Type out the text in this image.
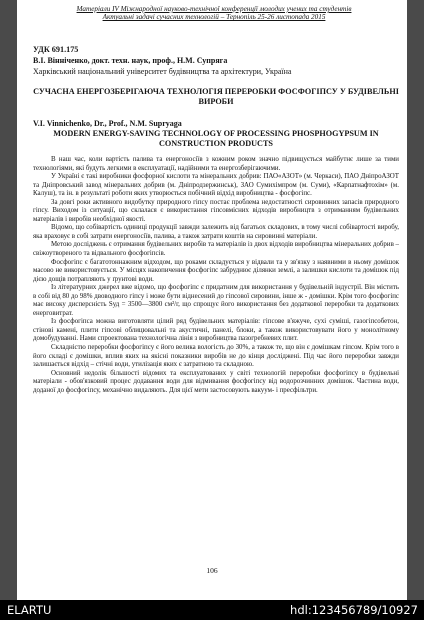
Матеріали IV Міжнародної науково-технічної конференції молодих учених та студентів
Актуальні задачі сучасних технологій – Тернопіль 25-26 листопада 2015
УДК 691.175
В.І. Вінніченко, докт. техн. наук, проф., Н.М. Супряга
Харківський національний університет будівництва та архітектури, Україна
СУЧАСНА ЕНЕРГОЗБЕРІГАЮЧА ТЕХНОЛОГІЯ ПЕРЕРОБКИ ФОСФОГІПСУ У БУДІВЕЛЬНІ ВИРОБИ
V.I. Vinnichenko, Dr., Prof., N.M. Supryaga
MODERN ENERGY-SAVING TECHNOLOGY OF PROCESSING PHOSPHOGYPSUM IN CONSTRUCTION PRODUCTS

В наш час, коли вартість палива та енергоносіїв з кожним роком значно підвищується майбутнє лише за тими технологіями, які будуть легкими в експлуатації, надійними та енергозберігаючими.

У Україні є такі виробники фосфорної кислоти та мінеральних добрив: ПАО«АЗОТ» (м. Черкаси), ПАО ДніпроАЗОТ та Дніпровський завод мінеральних добрив (м. Дніпродзержинськ), ЗАО Сумихімпром (м. Суми), «Карпатнафтохім» (м. Калуш), та ін. в результаті роботи яких утворюється побічний відхід виробництва - фосфогіпс.

За довгі роки активного видобутку природного гіпсу постає проблема недостатності сировинних запасів природного гіпсу. Виходом із ситуації, що склалася є використання гіпсовмісних відходів виробництв з отриманням будівельних матеріалів і виробів необхідної якості.

Відомо, що собівартість одиниці продукції завжди залежить від багатьох складових, в тому числі собівартості виробу, яка враховує в собі затрати енергоносіїв, палива, а також затрати коштів на сировинні матеріали.

Метою досліджень є отримання будівельних виробів та матеріалів із двох відходів виробництва мінеральних добрив – свіжоутвореного та відвального фосфогіпсів.

Фосфогіпс є багатотоннажним відходом, що роками складується у відвали та у зв'язку з наявними в ньому домішок масово не використовується. У місцях накопичення фосфогіпс забруднює ділянки землі, а залишки кислоти та домішок під дією дощів потрапляють у ґрунтові води.

Із літературних джерел вже відомо, що фосфогіпс є придатним для використання у будівельній індустрії. Він містить в собі від 80 до 98% двоводного гіпсу і може бути віднесений до гіпсової сировини, інше ж - домішки. Крім того фосфогіпс має високу дисперсність Sуд = 3500—3800 см²/г, що спрощує його використання без додаткової переробки та додаткових енерговитрат.

Із фосфогіпса можна виготовляти цілий ряд будівельних матеріалів: гіпсове в'яжуче, сухі суміші, газогіпсобетон, стінові камені, плити гіпсові облицювальні та акустичні, панелі, блоки, а також використовувати його у монолітному домобудуванні. Нами спроектована технологічна лінія з виробництва пазогребневих плит.

Складністю переробки фосфогіпсу є його велика вологість до 30%, а також те, що він є домішкам гіпсом. Крім того в його складі є домішки, вплив яких на якісні показники виробів не до кінця досліджені. Під час його переробки завжди залишається відхід – стічні води, утилізація яких є затратною та складною.

Основний недолік більшості відомих та експлуатованих у світі технологій переробки фосфогіпсу в будівельні матеріали - обов'язковий процес додавання води для відмивання фосфогіпсу від водорозчинних домішок. Частина води, доданої до фосфогіпсу, механічно видаляють. Для цієї мети застосовують вакуум- і пресфільтри.

106
ELARTU	hdl:123456789/10927
